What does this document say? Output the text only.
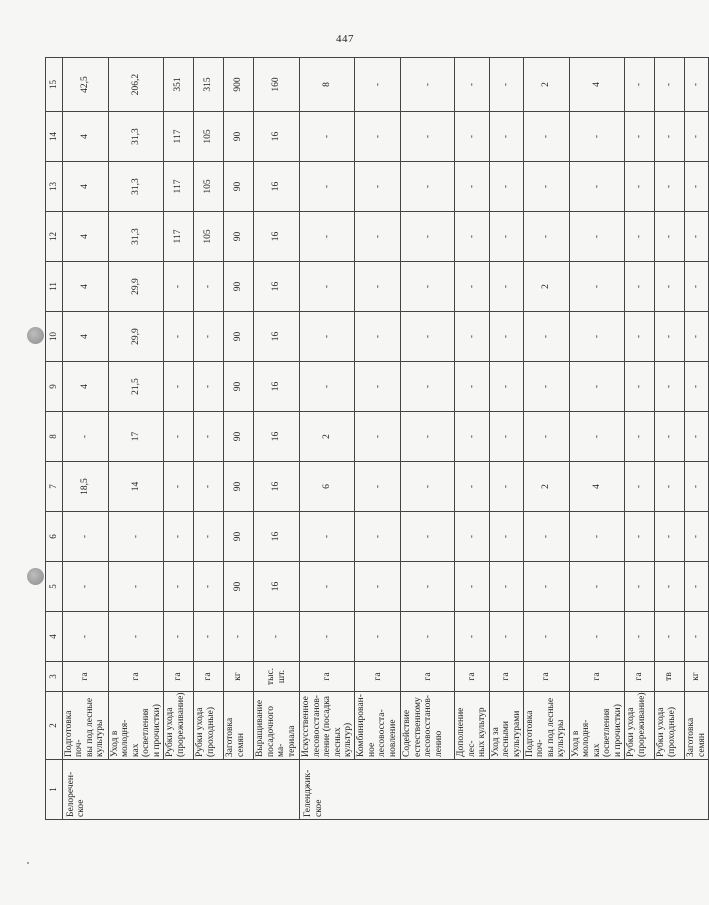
447
1	2	3	4	5	6	7	8	9	10	11	12	13	14	15
Белоречен-
ское	Подготовка поч-
вы под лесные
культуры	га	-	-	-	18,5	-	4	4	4	4	4	4	42,5
	Уход в молодня-
ках (осветления
и прочистки)	га	-	-	-	14	17	21,5	29,9	29,9	31,3	31,3	31,3	206,2
	Рубки ухода
(прореживание)	га	-	-	-	-	-	-	-	-	117	117	117	351
	Рубки ухода
(проходные)	га	-	-	-	-	-	-	-	-	105	105	105	315
	Заготовка семян	кг	-	90	90	90	90	90	90	90	90	90	90	900
	Выращивание
посадочного ма-
териала	тыс.
шт.	-	16	16	16	16	16	16	16	16	16	16	160
Геленджик-
ское	Искусственное
лесовосстанов-
ление (посадка
лесных культур)	га	-	-	-	6	2	-	-	-	-	-	-	8
	Комбинирован-
ное лесовосста-
новление	га	-	-	-	-	-	-	-	-	-	-	-	-
	Содействие
естественному
лесовосстанов-
лению	га	-	-	-	-	-	-	-	-	-	-	-	-
	Дополнение лес-
ных культур	га	-	-	-	-	-	-	-	-	-	-	-	-
	Уход за лесными
культурами	га	-	-	-	-	-	-	-	-	-	-	-	-
	Подготовка поч-
вы под лесные
культуры	га	-	-	-	2	-	-	-	2	-	-	-	2
	Уход в молодня-
ках (осветления
и прочистки)	га	-	-	-	4	-	-	-	-	-	-	-	4
	Рубки ухода
(прореживание)	га	-	-	-	-	-	-	-	-	-	-	-	-
	Рубки ухода
(проходные)	тв	-	-	-	-	-	-	-	-	-	-	-	-
	Заготовка семян	кг	-	-	-	-	-	-	-	-	-	-	-	-
